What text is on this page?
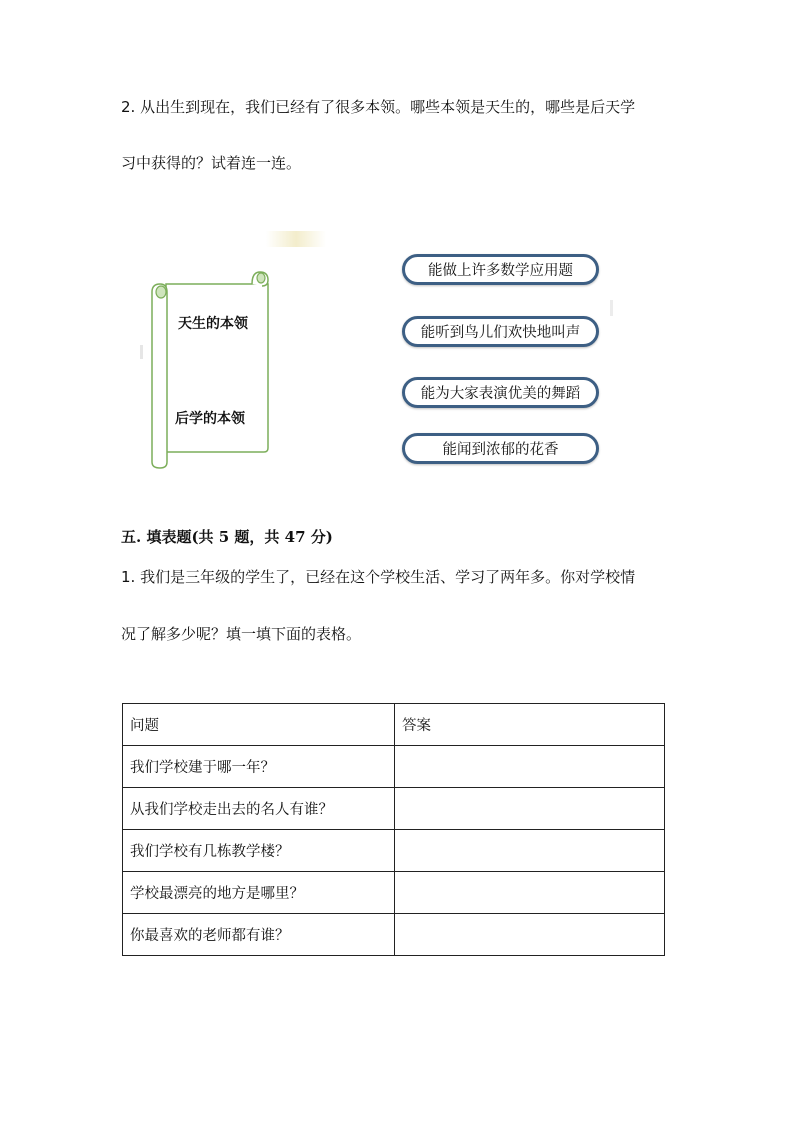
2. 从出生到现在，我们已经有了很多本领。哪些本领是天生的，哪些是后天学
习中获得的？试着连一连。
天生的本领
后学的本领
能做上许多数学应用题
能听到鸟儿们欢快地叫声
能为大家表演优美的舞蹈
能闻到浓郁的花香
五. 填表题(共 5 题，共 47 分)
1. 我们是三年级的学生了，已经在这个学校生活、学习了两年多。你对学校情
况了解多少呢？填一填下面的表格。
问题	答案
我们学校建于哪一年？	
从我们学校走出去的名人有谁？	
我们学校有几栋教学楼？	
学校最漂亮的地方是哪里？	
你最喜欢的老师都有谁？	
